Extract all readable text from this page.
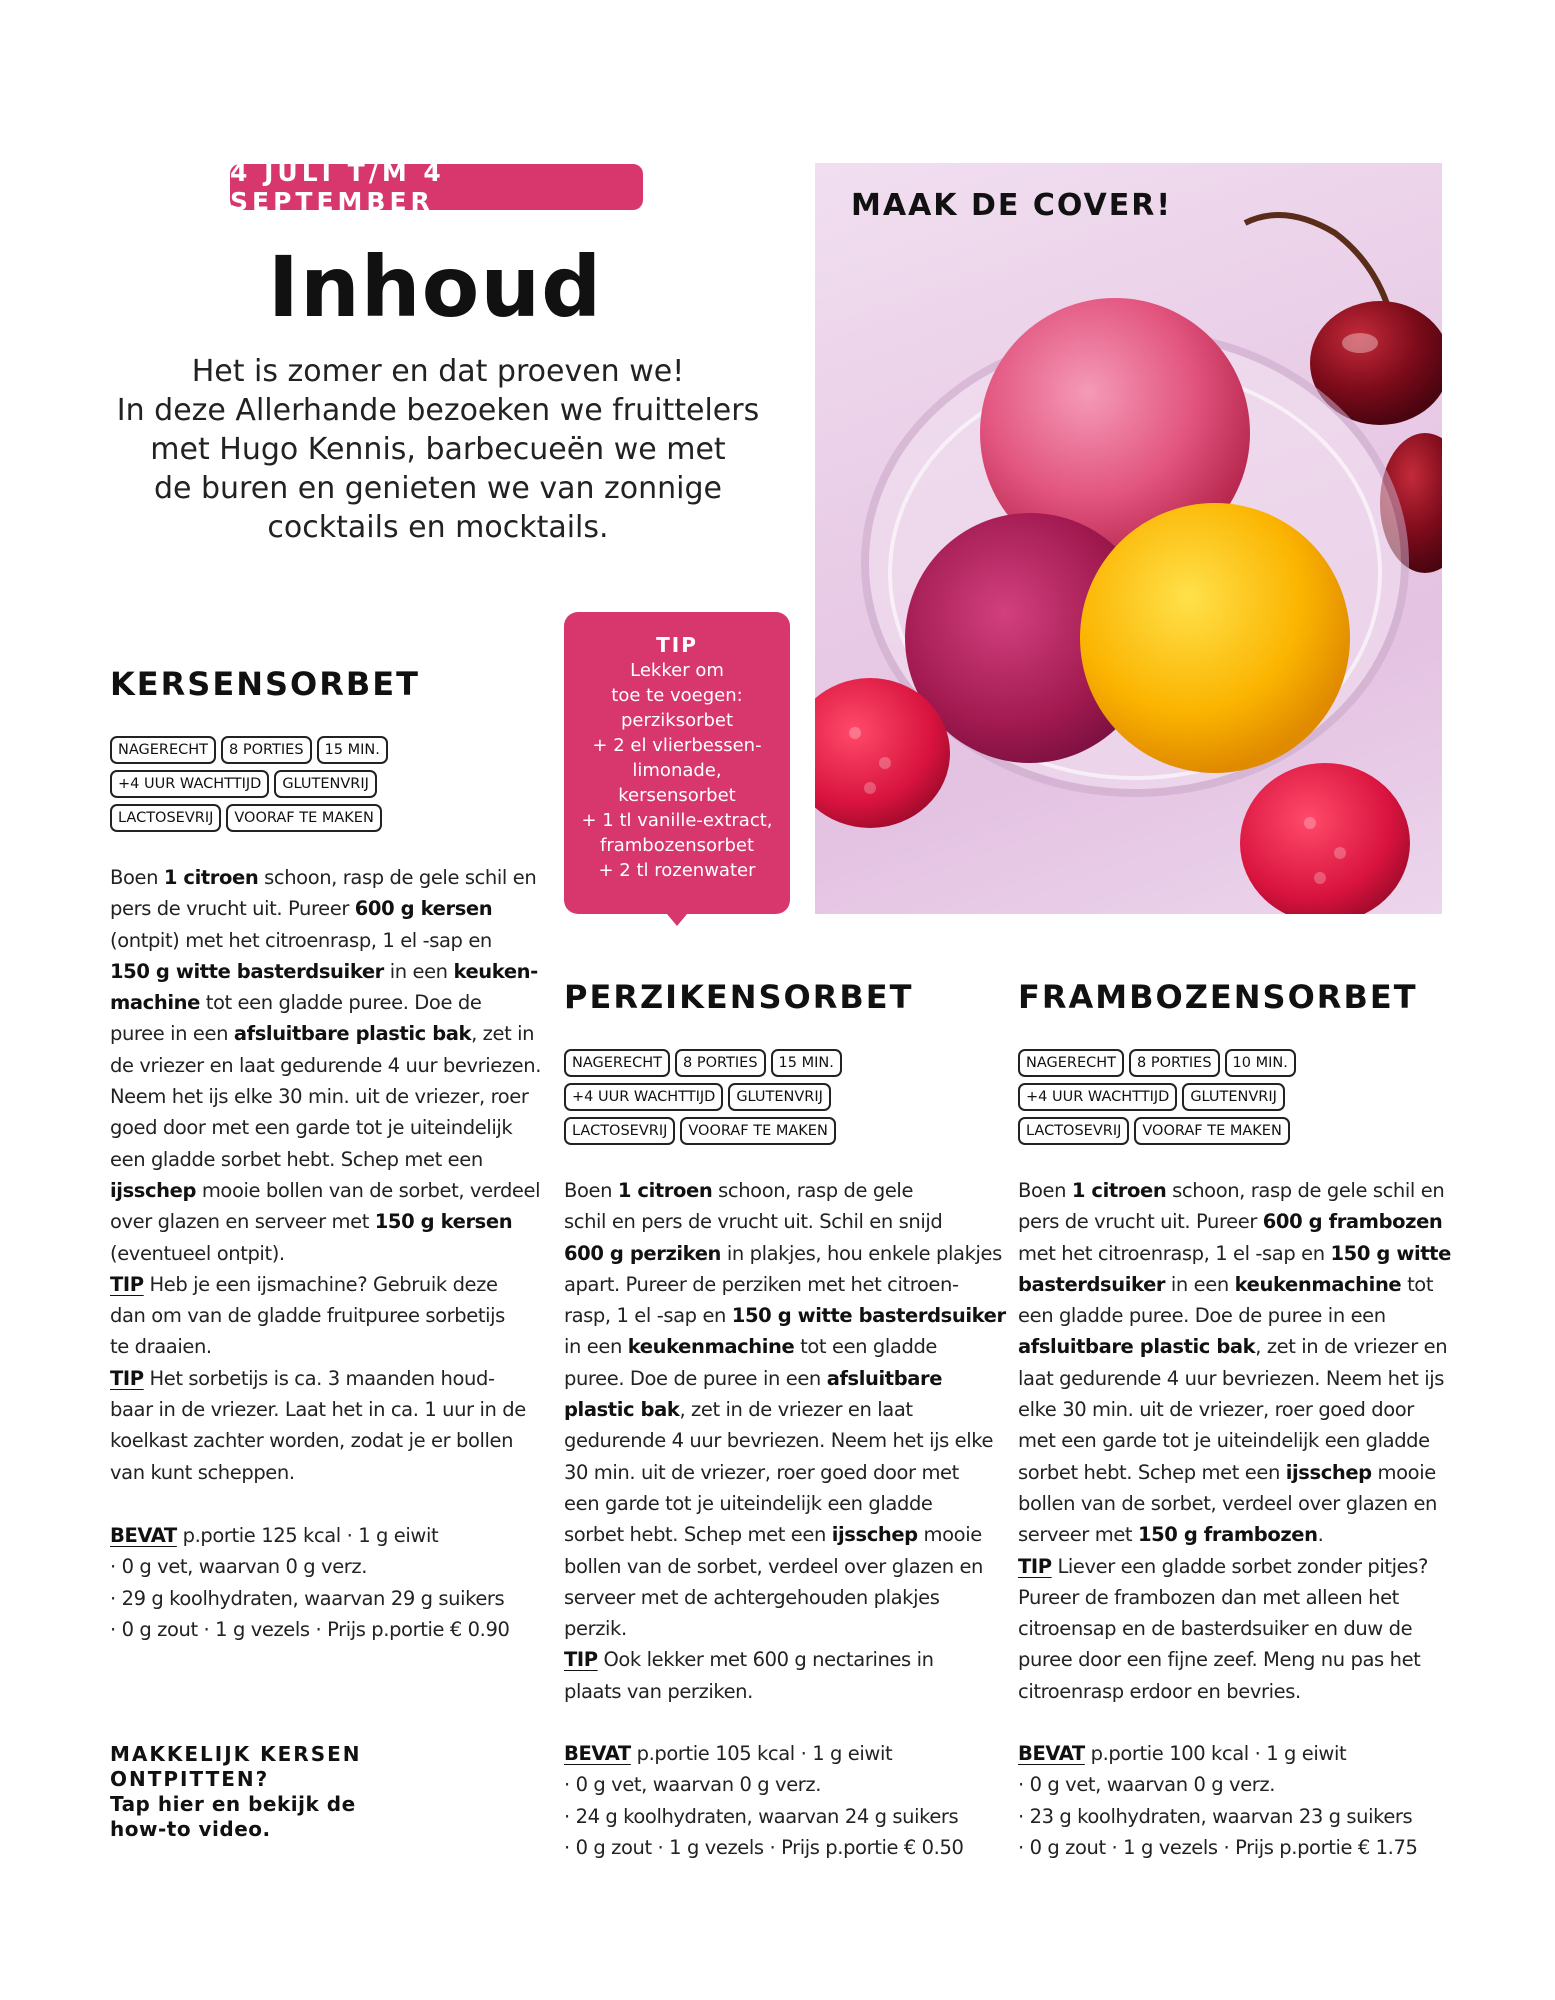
4 JULI T/M 4 SEPTEMBER
Inhoud
Het is zomer en dat proeven we!
In deze Allerhande bezoeken we fruittelers
met Hugo Kennis, barbecueën we met
de buren en genieten we van zonnige
cocktails en mocktails.
MAAK DE COVER!
TIP
Lekker om
toe te voegen:
perziksorbet
+ 2 el vlierbessen-
limonade,
kersensorbet
+ 1 tl vanille-extract,
frambozensorbet
+ 2 tl rozenwater
KERSENSORBET
NAGERECHT	8 PORTIES	15 MIN.
+4 UUR WACHTTIJD	GLUTENVRIJ
LACTOSEVRIJ	VOORAF TE MAKEN
Boen 1 citroen schoon, rasp de gele schil en
pers de vrucht uit. Pureer 600 g kersen
(ontpit) met het citroenrasp, 1 el -sap en
150 g witte basterdsuiker in een keuken-
machine tot een gladde puree. Doe de
puree in een afsluitbare plastic bak, zet in
de vriezer en laat gedurende 4 uur bevriezen.
Neem het ijs elke 30 min. uit de vriezer, roer
goed door met een garde tot je uiteindelijk
een gladde sorbet hebt. Schep met een
ijsschep mooie bollen van de sorbet, verdeel
over glazen en serveer met 150 g kersen
(eventueel ontpit).
TIP Heb je een ijsmachine? Gebruik deze
dan om van de gladde fruitpuree sorbetijs
te draaien.
TIP Het sorbetijs is ca. 3 maanden houd-
baar in de vriezer. Laat het in ca. 1 uur in de
koelkast zachter worden, zodat je er bollen
van kunt scheppen.
BEVAT p.portie 125 kcal · 1 g eiwit
· 0 g vet, waarvan 0 g verz.
· 29 g koolhydraten, waarvan 29 g suikers
· 0 g zout · 1 g vezels · Prijs p.portie € 0.90
PERZIKENSORBET
NAGERECHT	8 PORTIES	15 MIN.
+4 UUR WACHTTIJD	GLUTENVRIJ
LACTOSEVRIJ	VOORAF TE MAKEN
Boen 1 citroen schoon, rasp de gele
schil en pers de vrucht uit. Schil en snijd
600 g perziken in plakjes, hou enkele plakjes
apart. Pureer de perziken met het citroen-
rasp, 1 el -sap en 150 g witte basterdsuiker
in een keukenmachine tot een gladde
puree. Doe de puree in een afsluitbare
plastic bak, zet in de vriezer en laat
gedurende 4 uur bevriezen. Neem het ijs elke
30 min. uit de vriezer, roer goed door met
een garde tot je uiteindelijk een gladde
sorbet hebt. Schep met een ijsschep mooie
bollen van de sorbet, verdeel over glazen en
serveer met de achtergehouden plakjes
perzik.
TIP Ook lekker met 600 g nectarines in
plaats van perziken.
BEVAT p.portie 105 kcal · 1 g eiwit
· 0 g vet, waarvan 0 g verz.
· 24 g koolhydraten, waarvan 24 g suikers
· 0 g zout · 1 g vezels · Prijs p.portie € 0.50
FRAMBOZENSORBET
NAGERECHT	8 PORTIES	10 MIN.
+4 UUR WACHTTIJD	GLUTENVRIJ
LACTOSEVRIJ	VOORAF TE MAKEN
Boen 1 citroen schoon, rasp de gele schil en
pers de vrucht uit. Pureer 600 g frambozen
met het citroenrasp, 1 el -sap en 150 g witte
basterdsuiker in een keukenmachine tot
een gladde puree. Doe de puree in een
afsluitbare plastic bak, zet in de vriezer en
laat gedurende 4 uur bevriezen. Neem het ijs
elke 30 min. uit de vriezer, roer goed door
met een garde tot je uiteindelijk een gladde
sorbet hebt. Schep met een ijsschep mooie
bollen van de sorbet, verdeel over glazen en
serveer met 150 g frambozen.
TIP Liever een gladde sorbet zonder pitjes?
Pureer de frambozen dan met alleen het
citroensap en de basterdsuiker en duw de
puree door een fijne zeef. Meng nu pas het
citroenrasp erdoor en bevries.
BEVAT p.portie 100 kcal · 1 g eiwit
· 0 g vet, waarvan 0 g verz.
· 23 g koolhydraten, waarvan 23 g suikers
· 0 g zout · 1 g vezels · Prijs p.portie € 1.75
MAKKELIJK KERSEN
ONTPITTEN?
Tap hier en bekijk de
how-to video.
